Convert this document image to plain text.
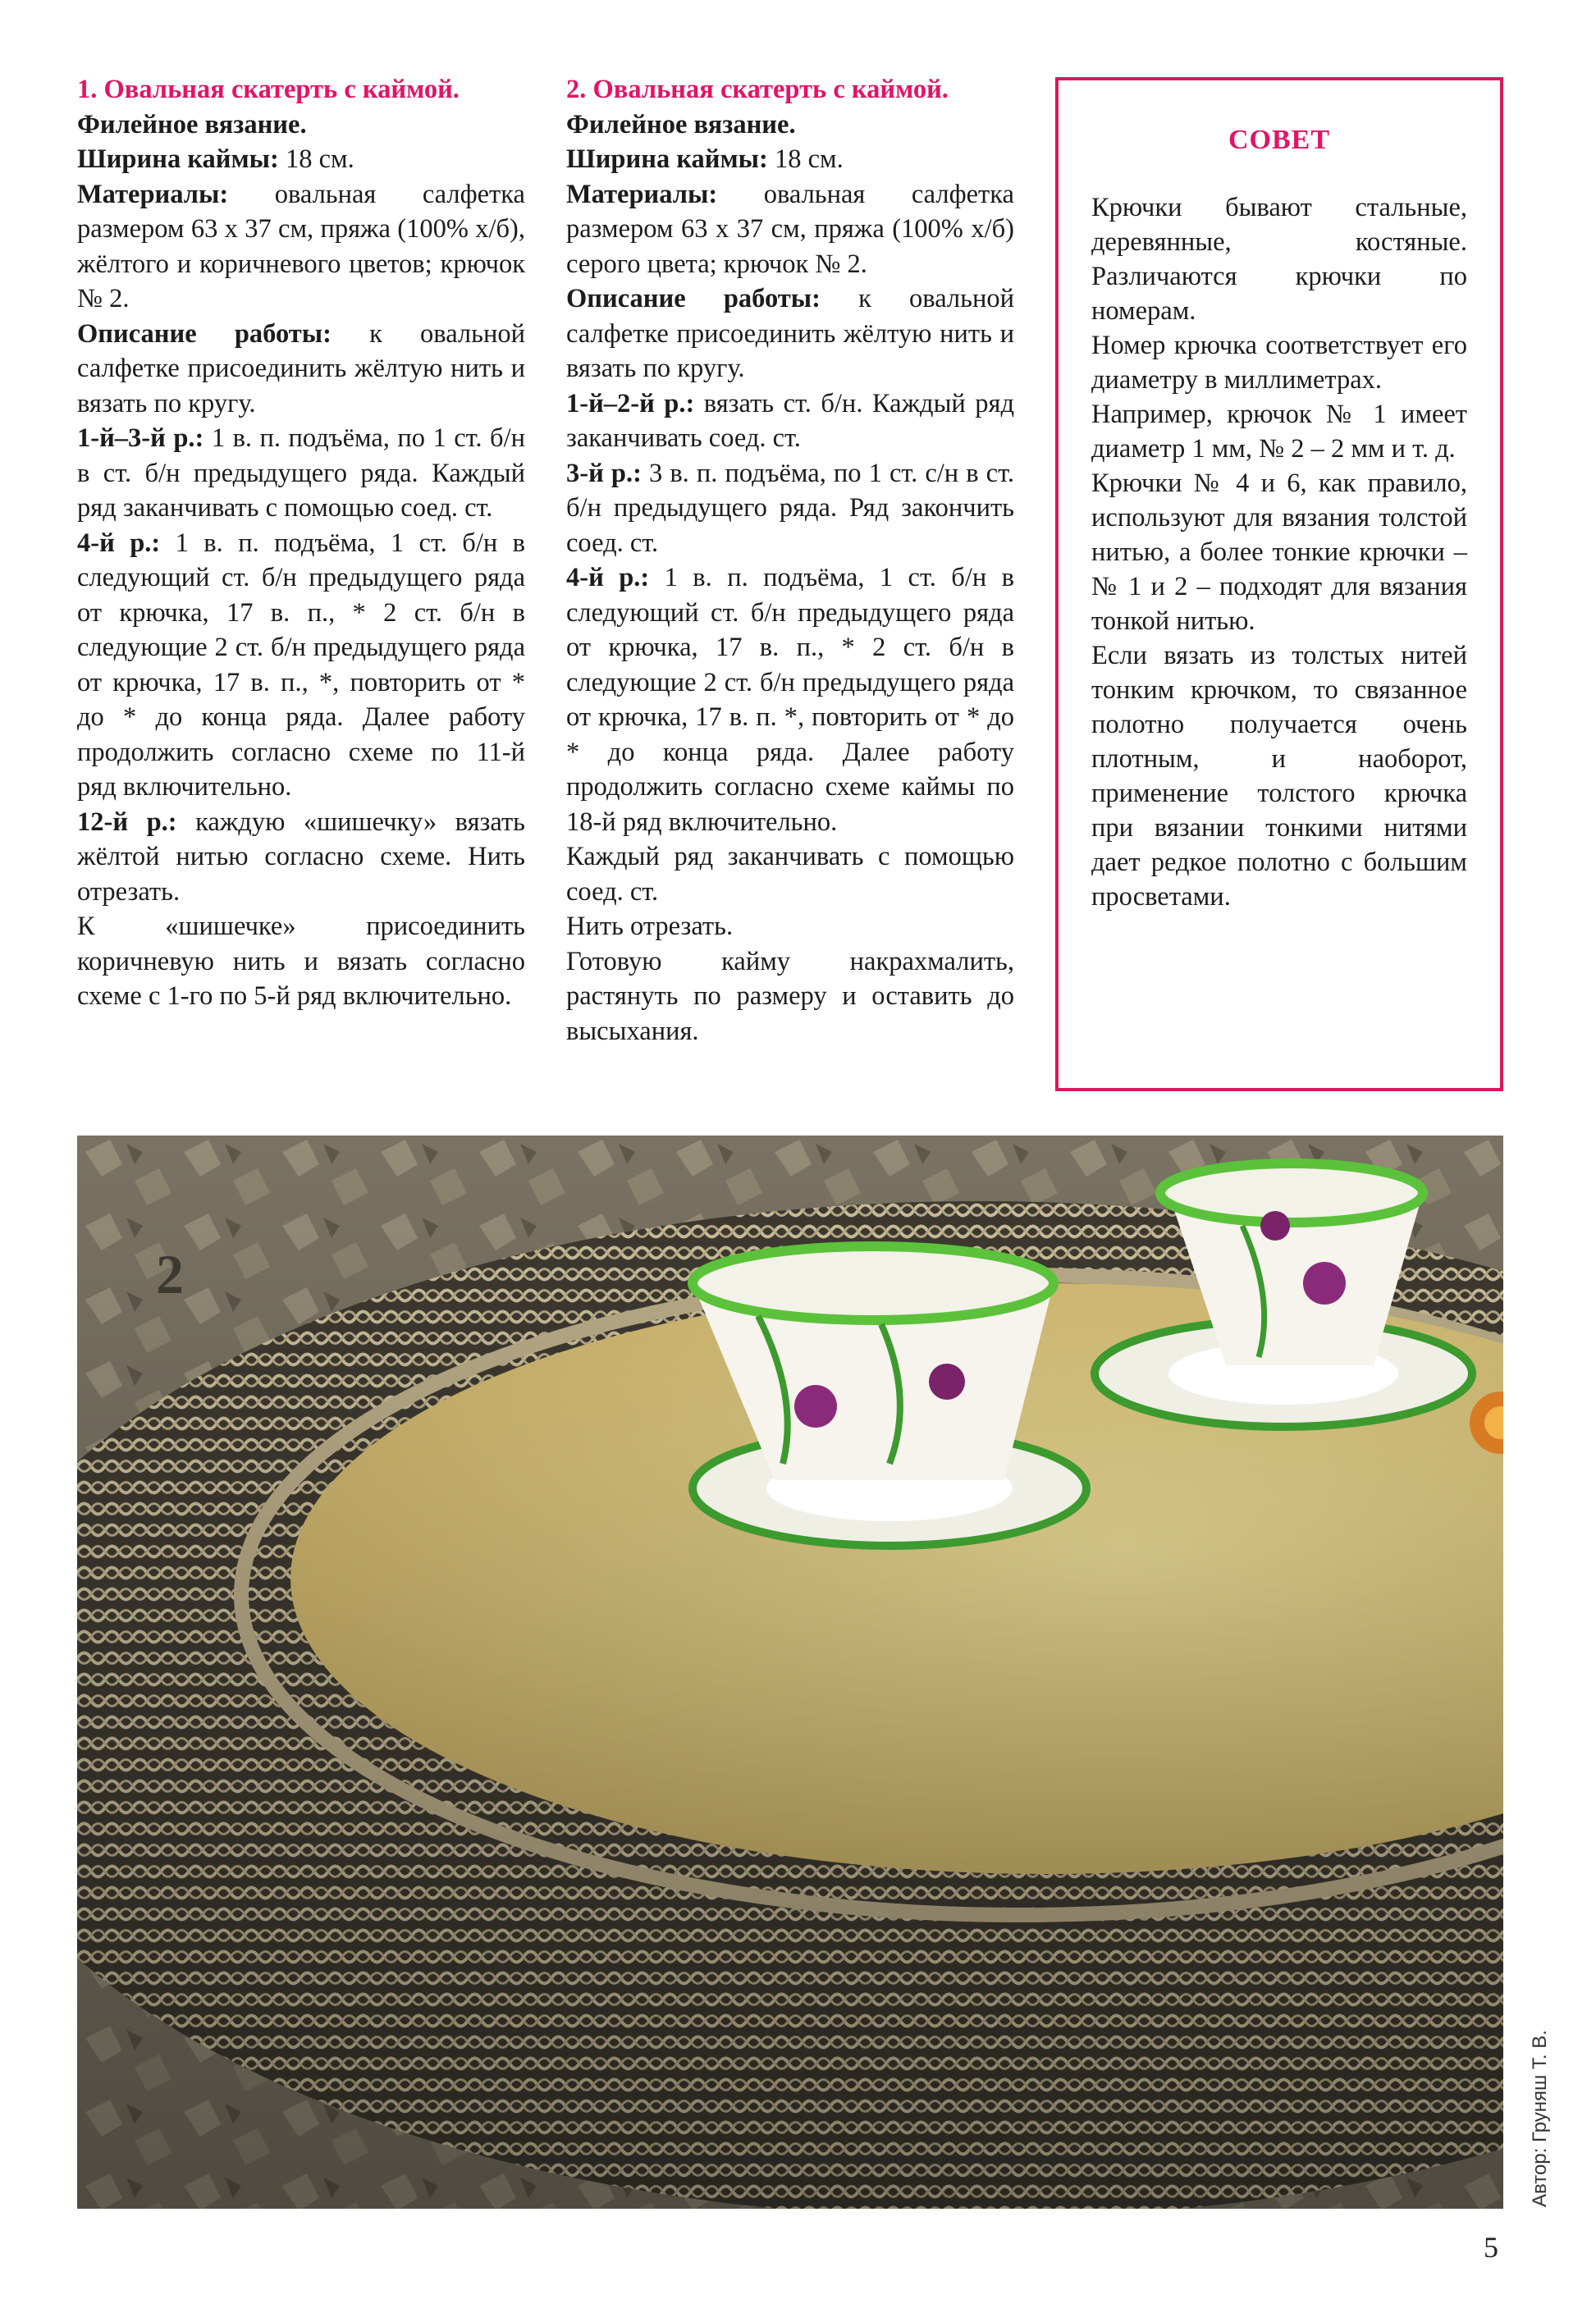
1. Овальная скатерть с каймой.

Филейное вязание.

Ширина каймы: 18 см.

Материалы: овальная салфетка размером 63 х 37 см, пряжа (100% х/б), жёлтого и коричневого цветов; крючок № 2.

Описание работы: к овальной салфетке присоединить жёлтую нить и вязать по кругу.

1-й–3-й р.: 1 в. п. подъёма, по 1 ст. б/н в ст. б/н предыдущего ряда. Каждый ряд заканчивать с помощью соед. ст.

4-й р.: 1 в. п. подъёма, 1 ст. б/н в следующий ст. б/н предыдущего ряда от крючка, 17 в. п., * 2 ст. б/н в следующие 2 ст. б/н предыдущего ряда от крючка, 17 в. п., *, повторить от * до * до конца ряда. Далее работу продолжить согласно схеме по 11-й ряд включительно.

12-й р.: каждую «шишечку» вязать жёлтой нитью согласно схеме. Нить отрезать.

К «шишечке» присоединить коричневую нить и вязать согласно схеме с 1-го по 5-й ряд включительно.

2. Овальная скатерть с каймой.

Филейное вязание.

Ширина каймы: 18 см.

Материалы: овальная салфетка размером 63 х 37 см, пряжа (100% х/б) серого цвета; крючок № 2.

Описание работы: к овальной салфетке присоединить жёлтую нить и вязать по кругу.

1-й–2-й р.: вязать ст. б/н. Каждый ряд заканчивать соед. ст.

3-й р.: 3 в. п. подъёма, по 1 ст. с/н в ст. б/н предыдущего ряда. Ряд закончить соед. ст.

4-й р.: 1 в. п. подъёма, 1 ст. б/н в следующий ст. б/н предыдущего ряда от крючка, 17 в. п., * 2 ст. б/н в следующие 2 ст. б/н предыдущего ряда от крючка, 17 в. п. *, повторить от * до * до конца ряда. Далее работу продолжить согласно схеме каймы по 18-й ряд включительно.

Каждый ряд заканчивать с помощью соед. ст.

Нить отрезать.

Готовую кайму накрахмалить, растянуть по размеру и оставить до высыхания.

СОВЕТ

Крючки бывают стальные, деревянные, костяные. Различаются крючки по номерам.

Номер крючка соответствует его диаметру в миллиметрах.

Например, крючок № 1 имеет диаметр 1 мм, № 2 – 2 мм и т. д.

Крючки № 4 и 6, как правило, используют для вязания толстой нитью, а более тонкие крючки – № 1 и 2 – подходят для вязания тонкой нитью.

Если вязать из толстых нитей тонким крючком, то связанное полотно получается очень плотным, и наоборот, применение толстого крючка при вязании тонкими нитями дает редкое полотно с большим просветами.

2
Автор: Груняш Т. В.
5
